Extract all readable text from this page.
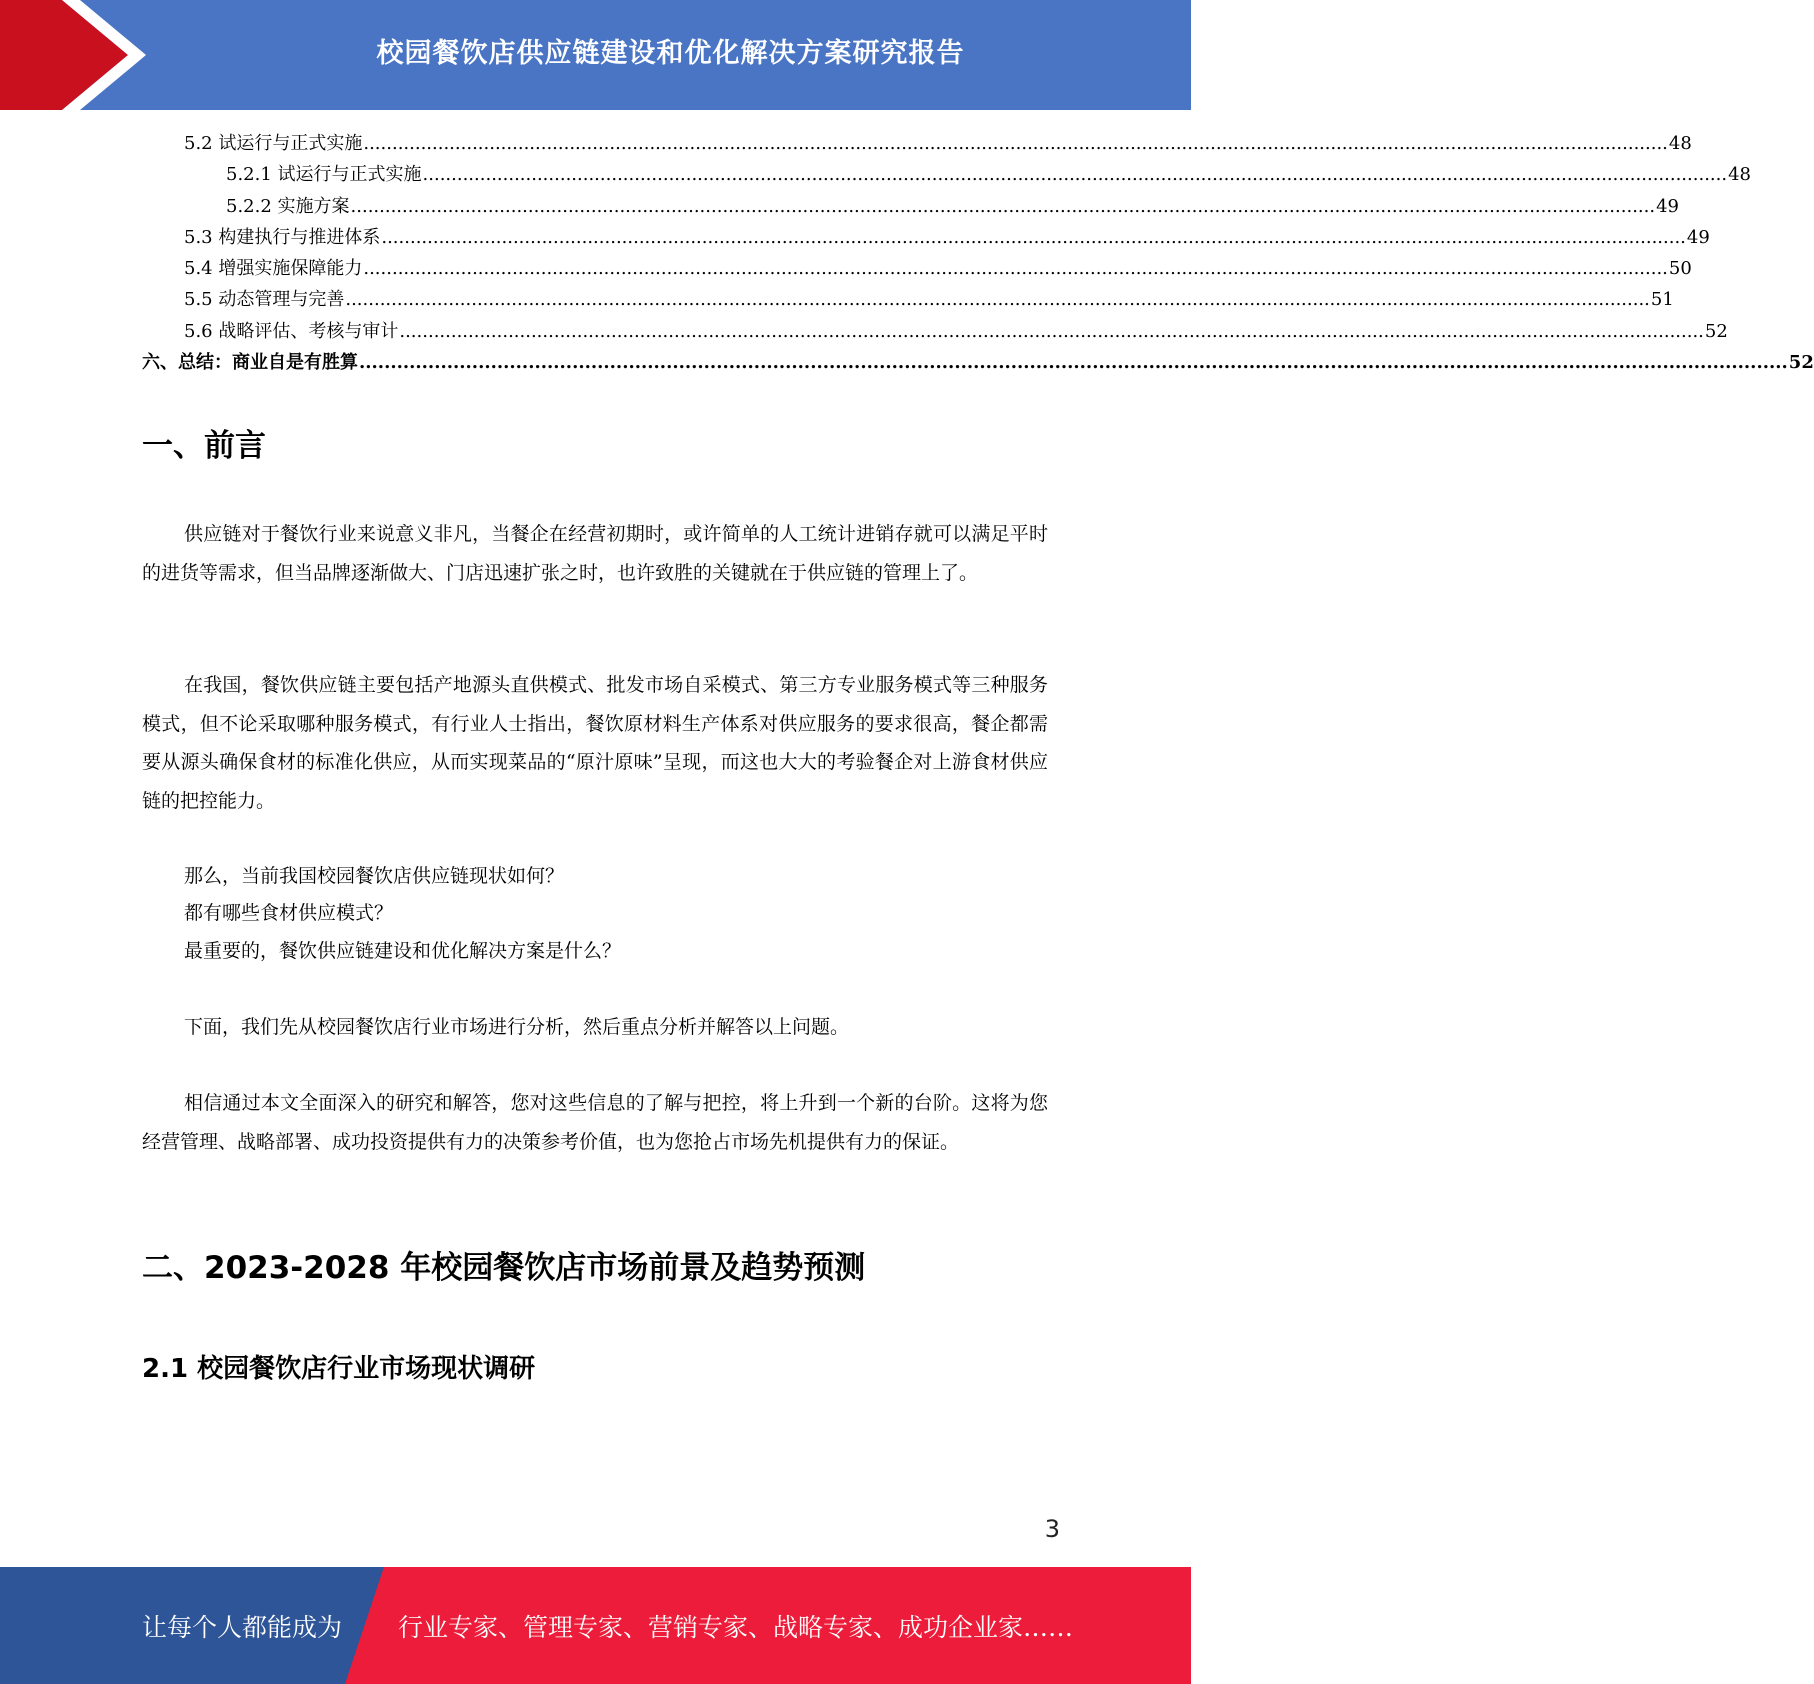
校园餐饮店供应链建设和优化解决方案研究报告
5.2 试运行与正式实施 .................................................................................................................................................................................................................................... 48
5.2.1 试运行与正式实施 .................................................................................................................................................................................................................................... 48
5.2.2 实施方案 .................................................................................................................................................................................................................................... 49
5.3 构建执行与推进体系 .................................................................................................................................................................................................................................... 49
5.4 增强实施保障能力 .................................................................................................................................................................................................................................... 50
5.5 动态管理与完善 .................................................................................................................................................................................................................................... 51
5.6 战略评估、考核与审计 .................................................................................................................................................................................................................................... 52
六、总结：商业自是有胜算 .................................................................................................................................................................................................................................... 52
一、前言
供应链对于餐饮行业来说意义非凡，当餐企在经营初期时，或许简单的人工统计进销存就可以满足平时的进货等需求，但当品牌逐渐做大、门店迅速扩张之时，也许致胜的关键就在于供应链的管理上了。
在我国，餐饮供应链主要包括产地源头直供模式、批发市场自采模式、第三方专业服务模式等三种服务模式，但不论采取哪种服务模式，有行业人士指出，餐饮原材料生产体系对供应服务的要求很高，餐企都需要从源头确保食材的标准化供应，从而实现菜品的“原汁原味”呈现，而这也大大的考验餐企对上游食材供应链的把控能力。
那么，当前我国校园餐饮店供应链现状如何？
都有哪些食材供应模式？
最重要的，餐饮供应链建设和优化解决方案是什么？
下面，我们先从校园餐饮店行业市场进行分析，然后重点分析并解答以上问题。
相信通过本文全面深入的研究和解答，您对这些信息的了解与把控，将上升到一个新的台阶。这将为您经营管理、战略部署、成功投资提供有力的决策参考价值，也为您抢占市场先机提供有力的保证。
二、2023-2028 年校园餐饮店市场前景及趋势预测
2.1 校园餐饮店行业市场现状调研
3
让每个人都能成为 行业专家、管理专家、营销专家、战略专家、成功企业家……
